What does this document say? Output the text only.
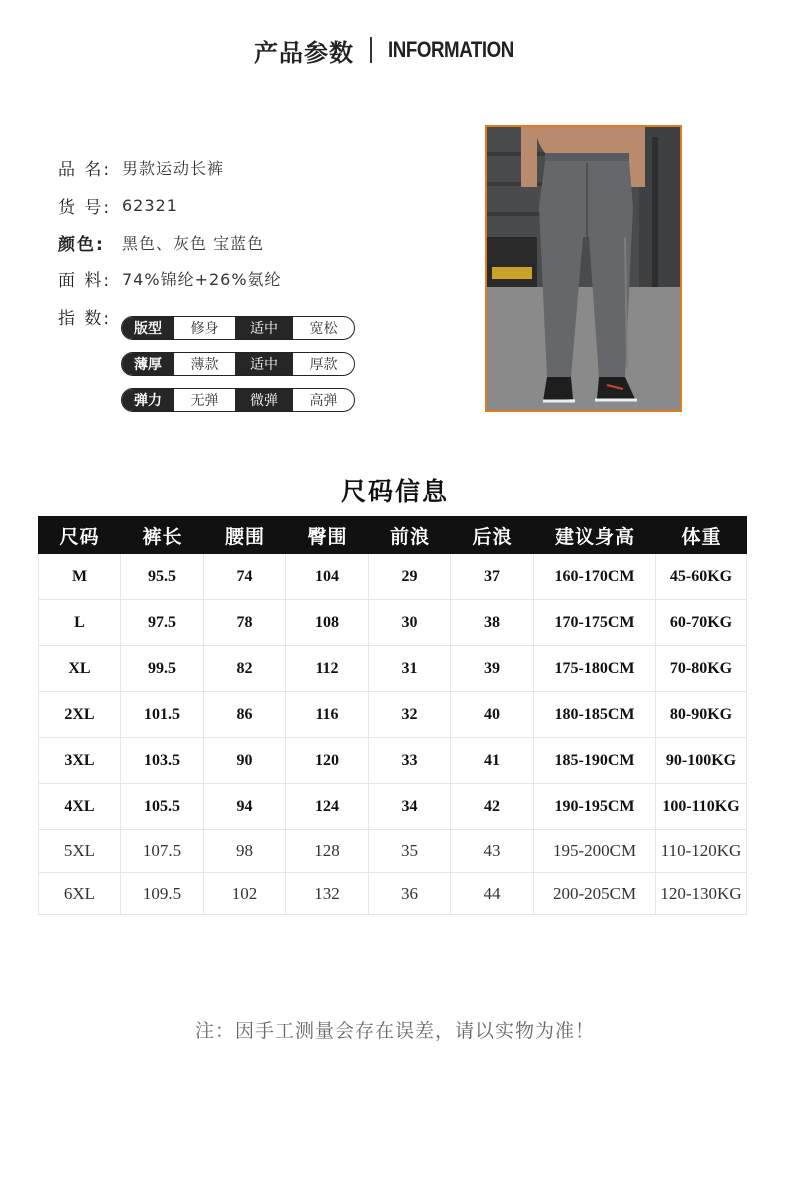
产品参数 INFORMATION
品 名: 男款运动长裤
货 号: 62321
颜色:	黑色、灰色 宝蓝色
面 料: 74%锦纶+26%氨纶
指 数:	版型	修身	适中	宽松
薄厚	薄款	适中	厚款
弹力	无弹	微弹	高弹
尺码信息
尺码	裤长	腰围	臀围	前浪	后浪	建议身高	体重
M	95.5	74	104	29	37	160-170CM	45-60KG
L	97.5	78	108	30	38	170-175CM	60-70KG
XL	99.5	82	112	31	39	175-180CM	70-80KG
2XL	101.5	86	116	32	40	180-185CM	80-90KG
3XL	103.5	90	120	33	41	185-190CM	90-100KG
4XL	105.5	94	124	34	42	190-195CM	100-110KG
5XL	107.5	98	128	35	43	195-200CM	110-120KG
6XL	109.5	102	132	36	44	200-205CM	120-130KG
注：因手工测量会存在误差，请以实物为准！
